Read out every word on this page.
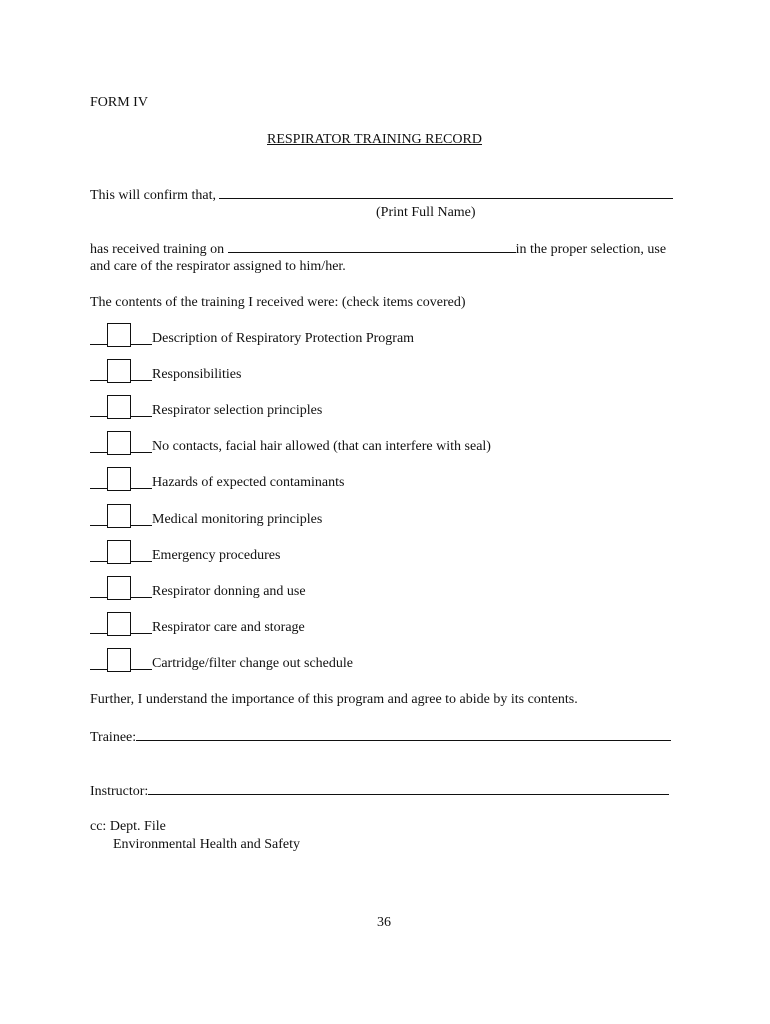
FORM IV
RESPIRATOR TRAINING RECORD
This will confirm that,
(Print Full Name)
has received training on	in the proper selection, use
and care of the respirator assigned to him/her.
The contents of the training I received were: (check items covered)
Description of Respiratory Protection Program
Responsibilities
Respirator selection principles
No contacts, facial hair allowed (that can interfere with seal)
Hazards of expected contaminants
Medical monitoring principles
Emergency procedures
Respirator donning and use
Respirator care and storage
Cartridge/filter change out schedule
Further, I understand the importance of this program and agree to abide by its contents.
Trainee:
Instructor:
cc: Dept. File
Environmental Health and Safety
36
